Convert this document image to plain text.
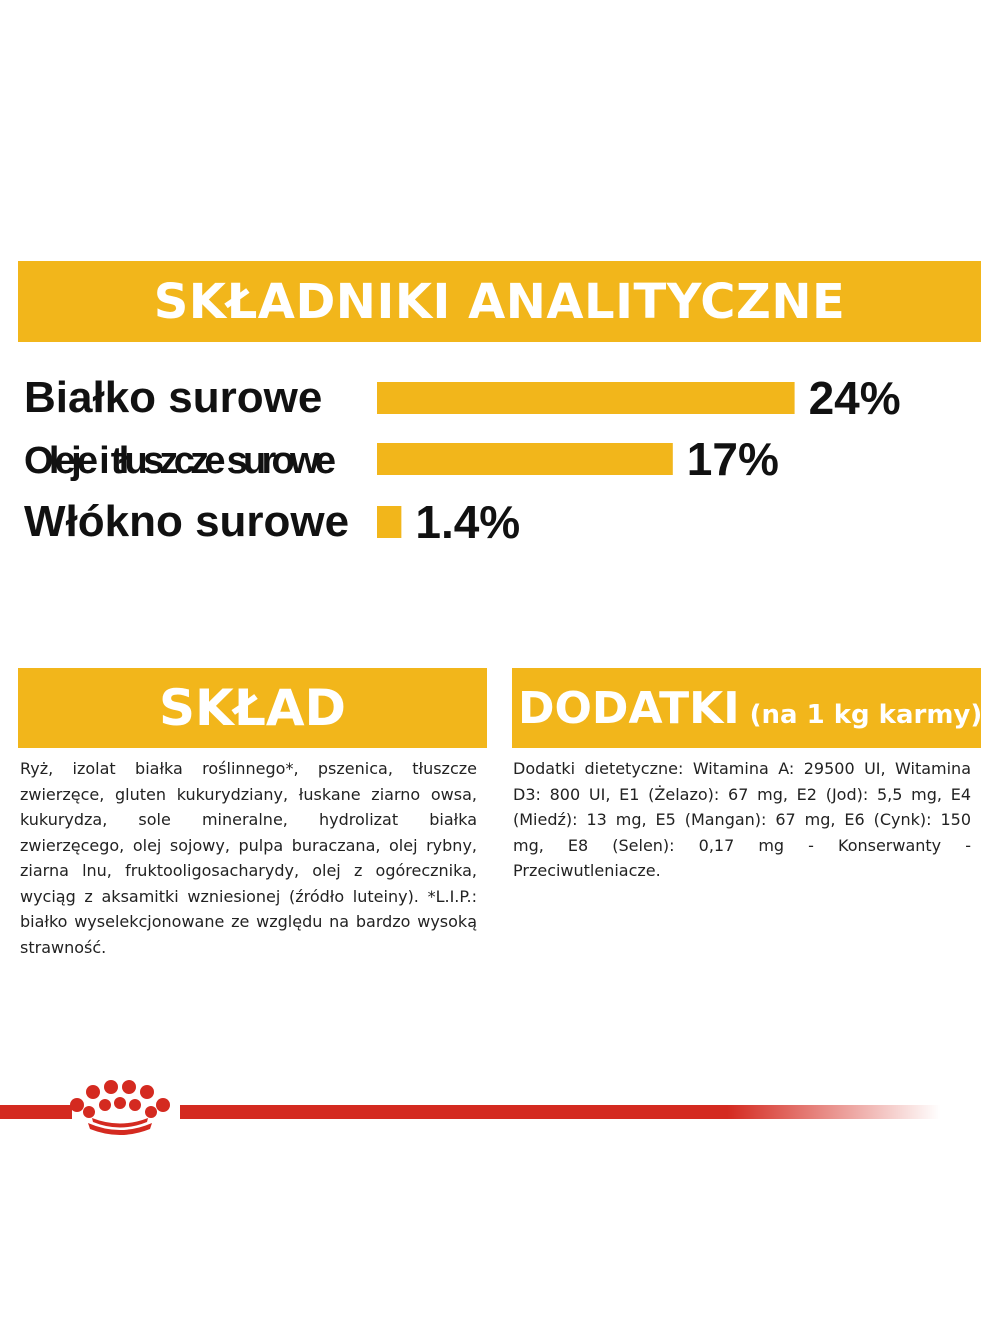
SKŁADNIKI ANALITYCZNE
Białko surowe	24%
Oleje i tłuszcze surowe	17%
Włókno surowe 1.4%
SKŁAD
Ryż, izolat białka roślinnego*, pszenica, tłuszcze zwierzęce, gluten kukurydziany, łuskane ziarno owsa, kukurydza, sole mineralne, hydrolizat białka zwierzęcego, olej sojowy, pulpa buraczana, olej rybny, ziarna lnu, fruktooligosacharydy, olej z ogórecznika, wyciąg z aksamitki wzniesionej (źródło luteiny). *L.I.P.: białko wyselekcjonowane ze względu na bardzo wysoką strawność.
DODATKI (na 1 kg karmy)
Dodatki dietetyczne: Witamina A: 29500 UI, Witamina D3: 800 UI, E1 (Żelazo): 67 mg, E2 (Jod): 5,5 mg, E4 (Miedź): 13 mg, E5 (Mangan): 67 mg, E6 (Cynk): 150 mg, E8 (Selen): 0,17 mg - Konserwanty - Przeciwutleniacze.
